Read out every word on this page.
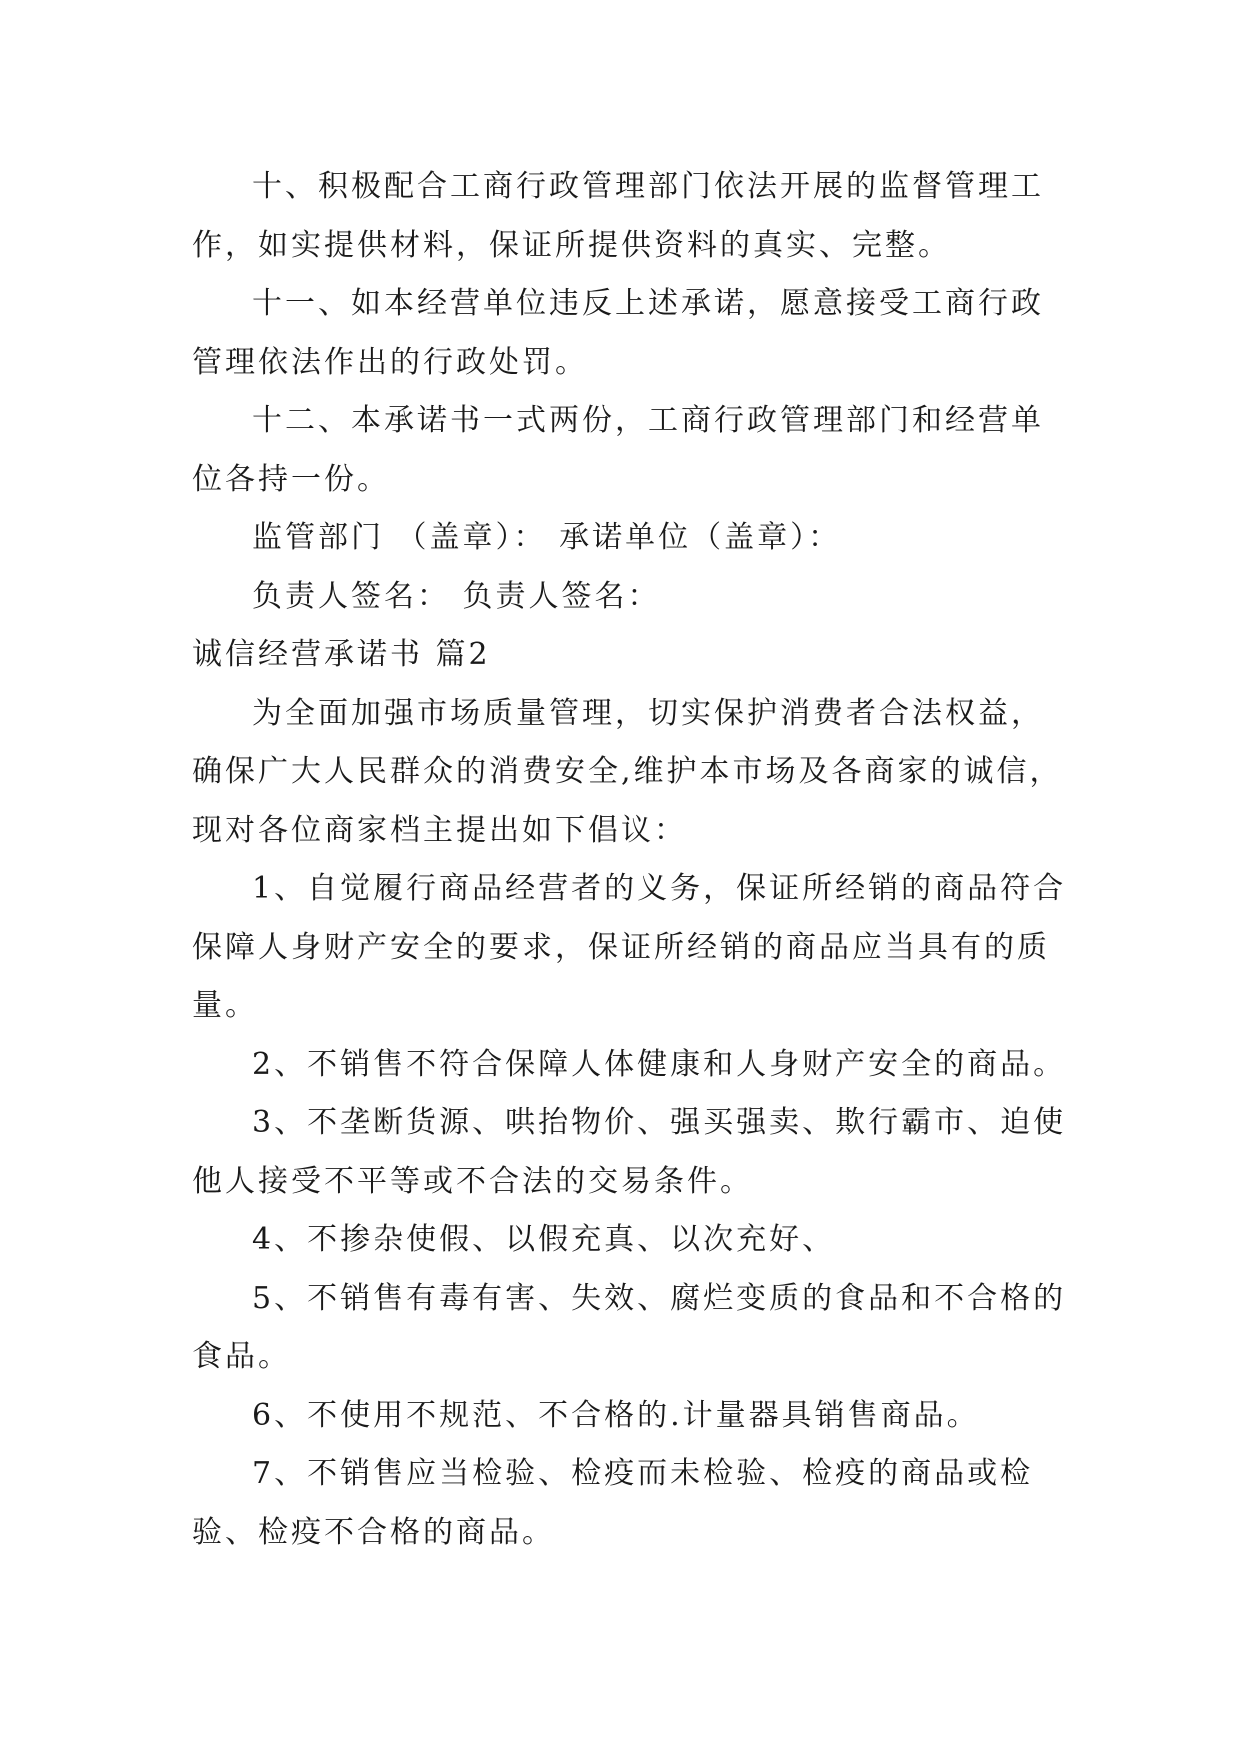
十、积极配合工商行政管理部门依法开展的监督管理工作，如实提供材料，保证所提供资料的真实、完整。

十一、如本经营单位违反上述承诺，愿意接受工商行政管理依法作出的行政处罚。

十二、本承诺书一式两份，工商行政管理部门和经营单位各持一份。

监管部门 （盖章）： 承诺单位（盖章）：

负责人签名： 负责人签名：

诚信经营承诺书 篇2

为全面加强市场质量管理，切实保护消费者合法权益，确保广大人民群众的消费安全,维护本市场及各商家的诚信，现对各位商家档主提出如下倡议：

1、自觉履行商品经营者的义务，保证所经销的商品符合保障人身财产安全的要求，保证所经销的商品应当具有的质量。

2、不销售不符合保障人体健康和人身财产安全的商品。

3、不垄断货源、哄抬物价、强买强卖、欺行霸市、迫使他人接受不平等或不合法的交易条件。

4、不掺杂使假、以假充真、以次充好、

5、不销售有毒有害、失效、腐烂变质的食品和不合格的食品。

6、不使用不规范、不合格的.计量器具销售商品。

7、不销售应当检验、检疫而未检验、检疫的商品或检验、检疫不合格的商品。
